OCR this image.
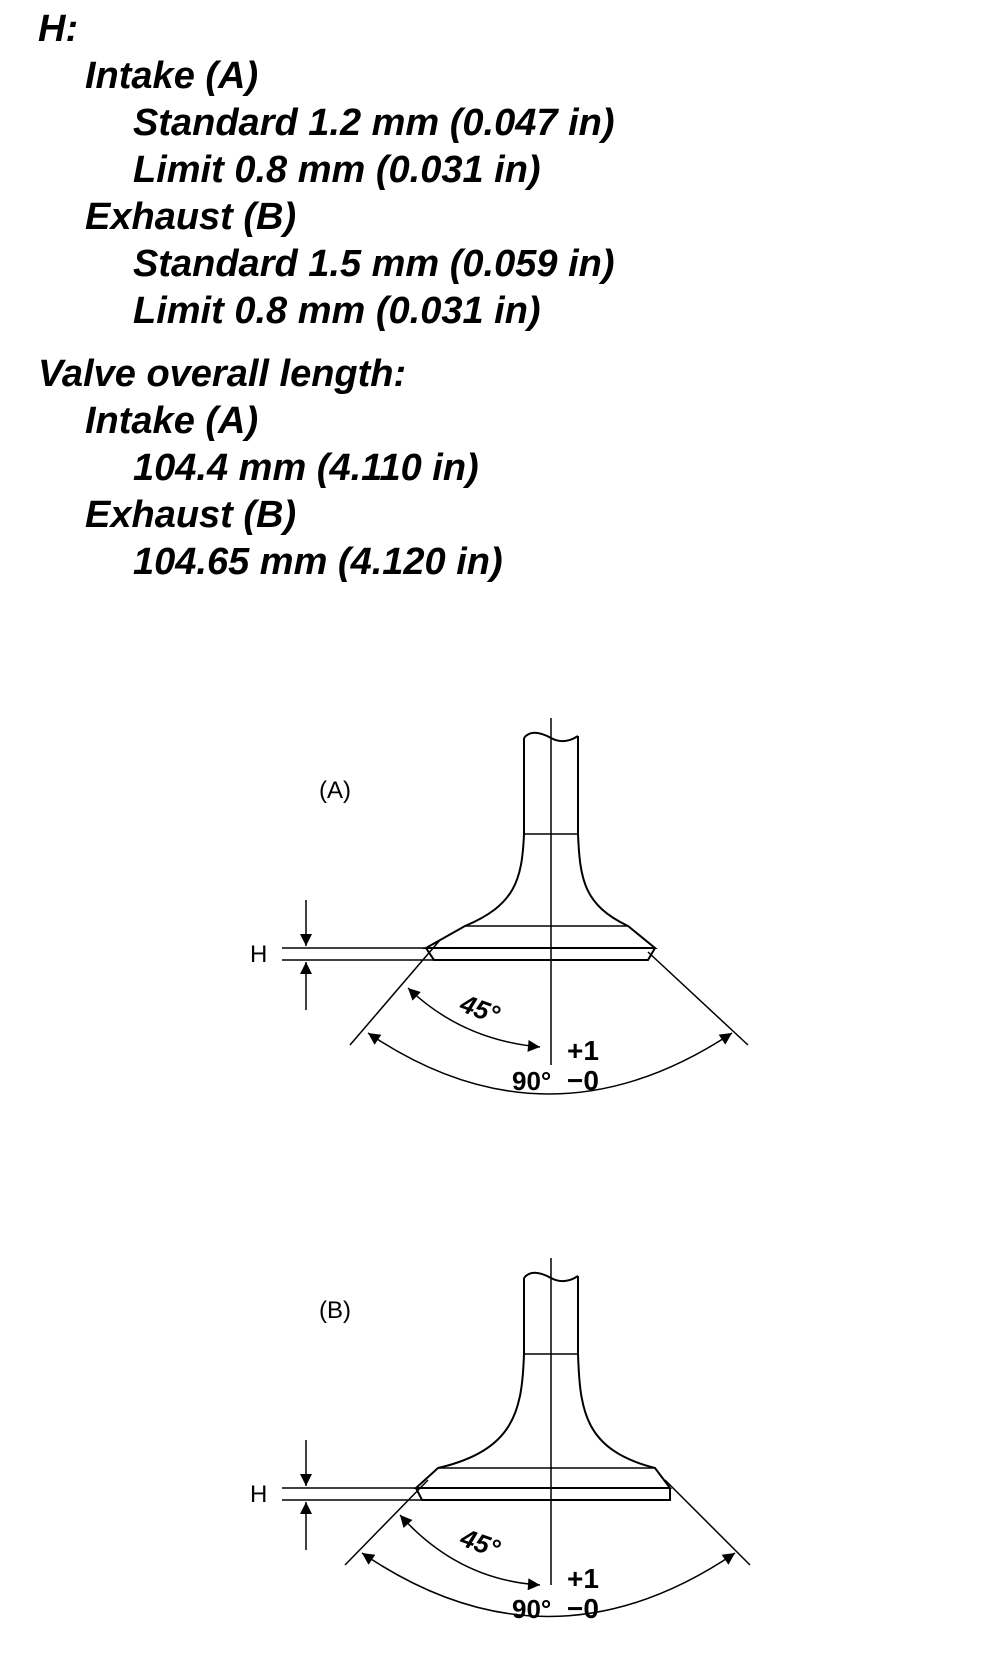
H:
Intake (A)
Standard 1.2 mm (0.047 in)
Limit 0.8 mm (0.031 in)
Exhaust (B)
Standard 1.5 mm (0.059 in)
Limit 0.8 mm (0.031 in)
Valve overall length:
Intake (A)
104.4 mm (4.110 in)
Exhaust (B)
104.65 mm (4.120 in)
(A)
H
45°
90°
+1
−0
(B)
H
45°
90°
+1
−0
